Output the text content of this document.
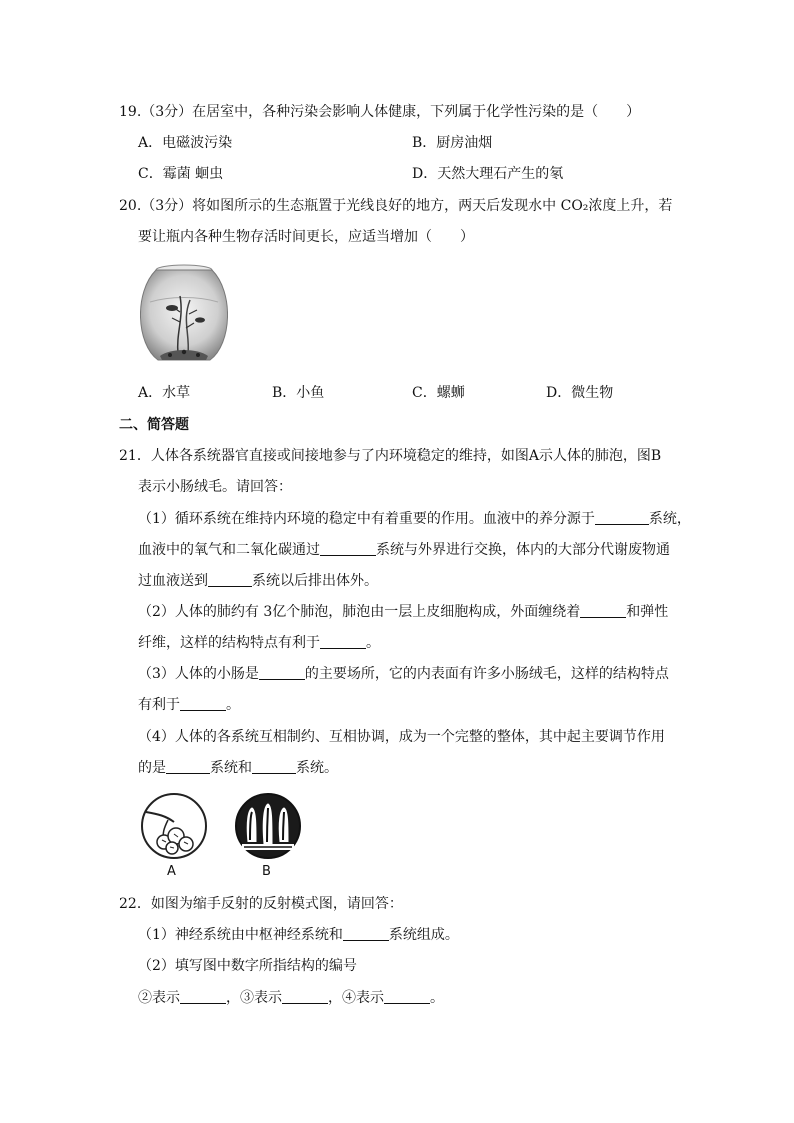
19.（3分）在居室中，各种污染会影响人体健康，下列属于化学性污染的是（　　）
A．电磁波污染	B．厨房油烟
C．霉菌 蛔虫	D．天然大理石产生的氡
20.（3分）将如图所示的生态瓶置于光线良好的地方，两天后发现水中 CO₂浓度上升，若
要让瓶内各种生物存活时间更长，应适当增加（　　）
A．水草	B．小鱼	C．螺蛳	D．微生物
二、简答题
21．人体各系统器官直接或间接地参与了内环境稳定的维持，如图A示人体的肺泡，图B
表示小肠绒毛。请回答：
（1）循环系统在维持内环境的稳定中有着重要的作用。血液中的养分源于	系统，
血液中的氧气和二氧化碳通过	系统与外界进行交换，体内的大部分代谢废物通
过血液送到	系统以后排出体外。
（2）人体的肺约有 3亿个肺泡，肺泡由一层上皮细胞构成，外面缠绕着	和弹性
纤维，这样的结构特点有利于	。
（3）人体的小肠是	的主要场所，它的内表面有许多小肠绒毛，这样的结构特点
有利于	。
（4）人体的各系统互相制约、互相协调，成为一个完整的整体，其中起主要调节作用
的是	系统和	系统。
A	B
22．如图为缩手反射的反射模式图，请回答：
（1）神经系统由中枢神经系统和	系统组成。
（2）填写图中数字所指结构的编号
②表示	，③表示	，④表示	。
